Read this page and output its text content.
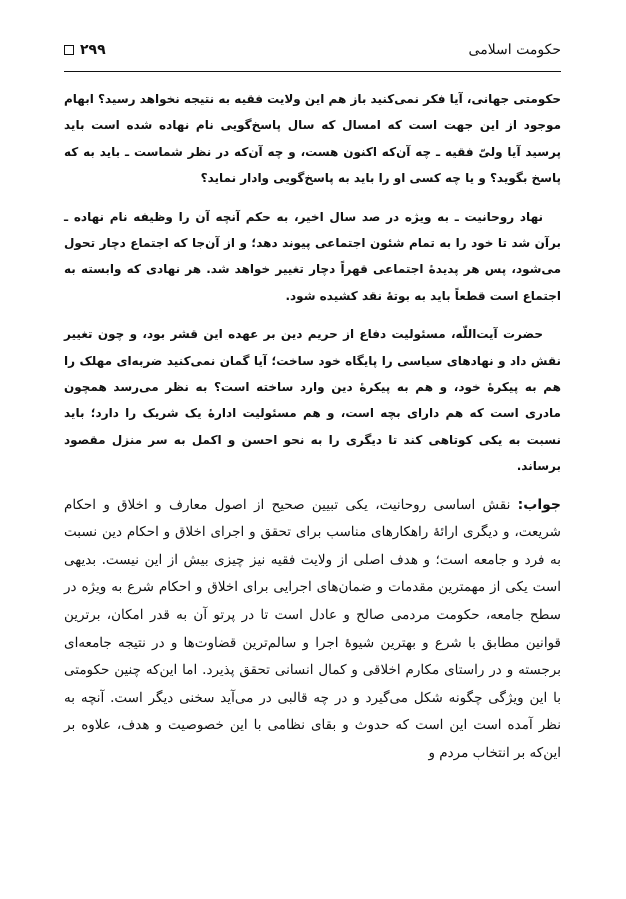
حکومت اسلامی
۲۹۹

حکومتی جهانی، آیا فکر نمی‌کنید باز هم این ولایت فقیه به نتیجه نخواهد رسید؟ ابهام موجود از این جهت است که امسال که سال پاسخ‌گویی نام نهاده شده است باید پرسید آیا ولیّ فقیه ـ چه آن‌که اکنون هست، و چه آن‌که در نظر شماست ـ باید به که پاسخ بگوید؟ و یا چه کسی او را باید به پاسخ‌گویی وادار نماید؟

نهاد روحانیت ـ به ویژه در صد سال اخیر، به حکم آنچه آن را وظیفه نام نهاده ـ برآن شد تا خود را به تمام شئون اجتماعی پیوند دهد؛ و از آن‌جا که اجتماع دچار تحول می‌شود، پس هر پدیدهٔ اجتماعی قهراً دچار تغییر خواهد شد. هر نهادی که وابسته به اجتماع است قطعاً باید به بوتهٔ نقد کشیده شود.

حضرت آیت‌اللّه، مسئولیت دفاع از حریم دین بر عهده این قشر بود، و چون تغییر نقش داد و نهادهای سیاسی را پایگاه خود ساخت؛ آیا گمان نمی‌کنید ضربه‌ای مهلک را هم به پیکرهٔ خود، و هم به پیکرهٔ دین وارد ساخته است؟ به نظر می‌رسد همچون مادری است که هم دارای بچه است، و هم مسئولیت ادارهٔ یک شریک را دارد؛ باید نسبت به یکی کوتاهی کند تا دیگری را به نحو احسن و اکمل به سر منزل مقصود برساند.

جواب: نقش اساسی روحانیت، یکی تبیین صحیح از اصول معارف و اخلاق و احکام شریعت، و دیگری ارائهٔ راهکارهای مناسب برای تحقق و اجرای اخلاق و احکام دین نسبت به فرد و جامعه است؛ و هدف اصلی از ولایت فقیه نیز چیزی بیش از این نیست. بدیهی است یکی از مهمترین مقدمات و ضمان‌های اجرایی برای اخلاق و احکام شرع به ویژه در سطح جامعه، حکومت مردمی صالح و عادل است تا در پرتو آن به قدر امکان، برترین قوانین مطابق با شرع و بهترین شیوهٔ اجرا و سالم‌ترین قضاوت‌ها و در نتیجه جامعه‌ای برجسته و در راستای مکارم اخلاقی و کمال انسانی تحقق پذیرد. اما این‌که چنین حکومتی با این ویژگی چگونه شکل می‌گیرد و در چه قالبی در می‌آید سخنی دیگر است. آنچه به نظر آمده است این است که حدوث و بقای نظامی با این خصوصیت و هدف، علاوه بر این‌که بر انتخاب مردم و
